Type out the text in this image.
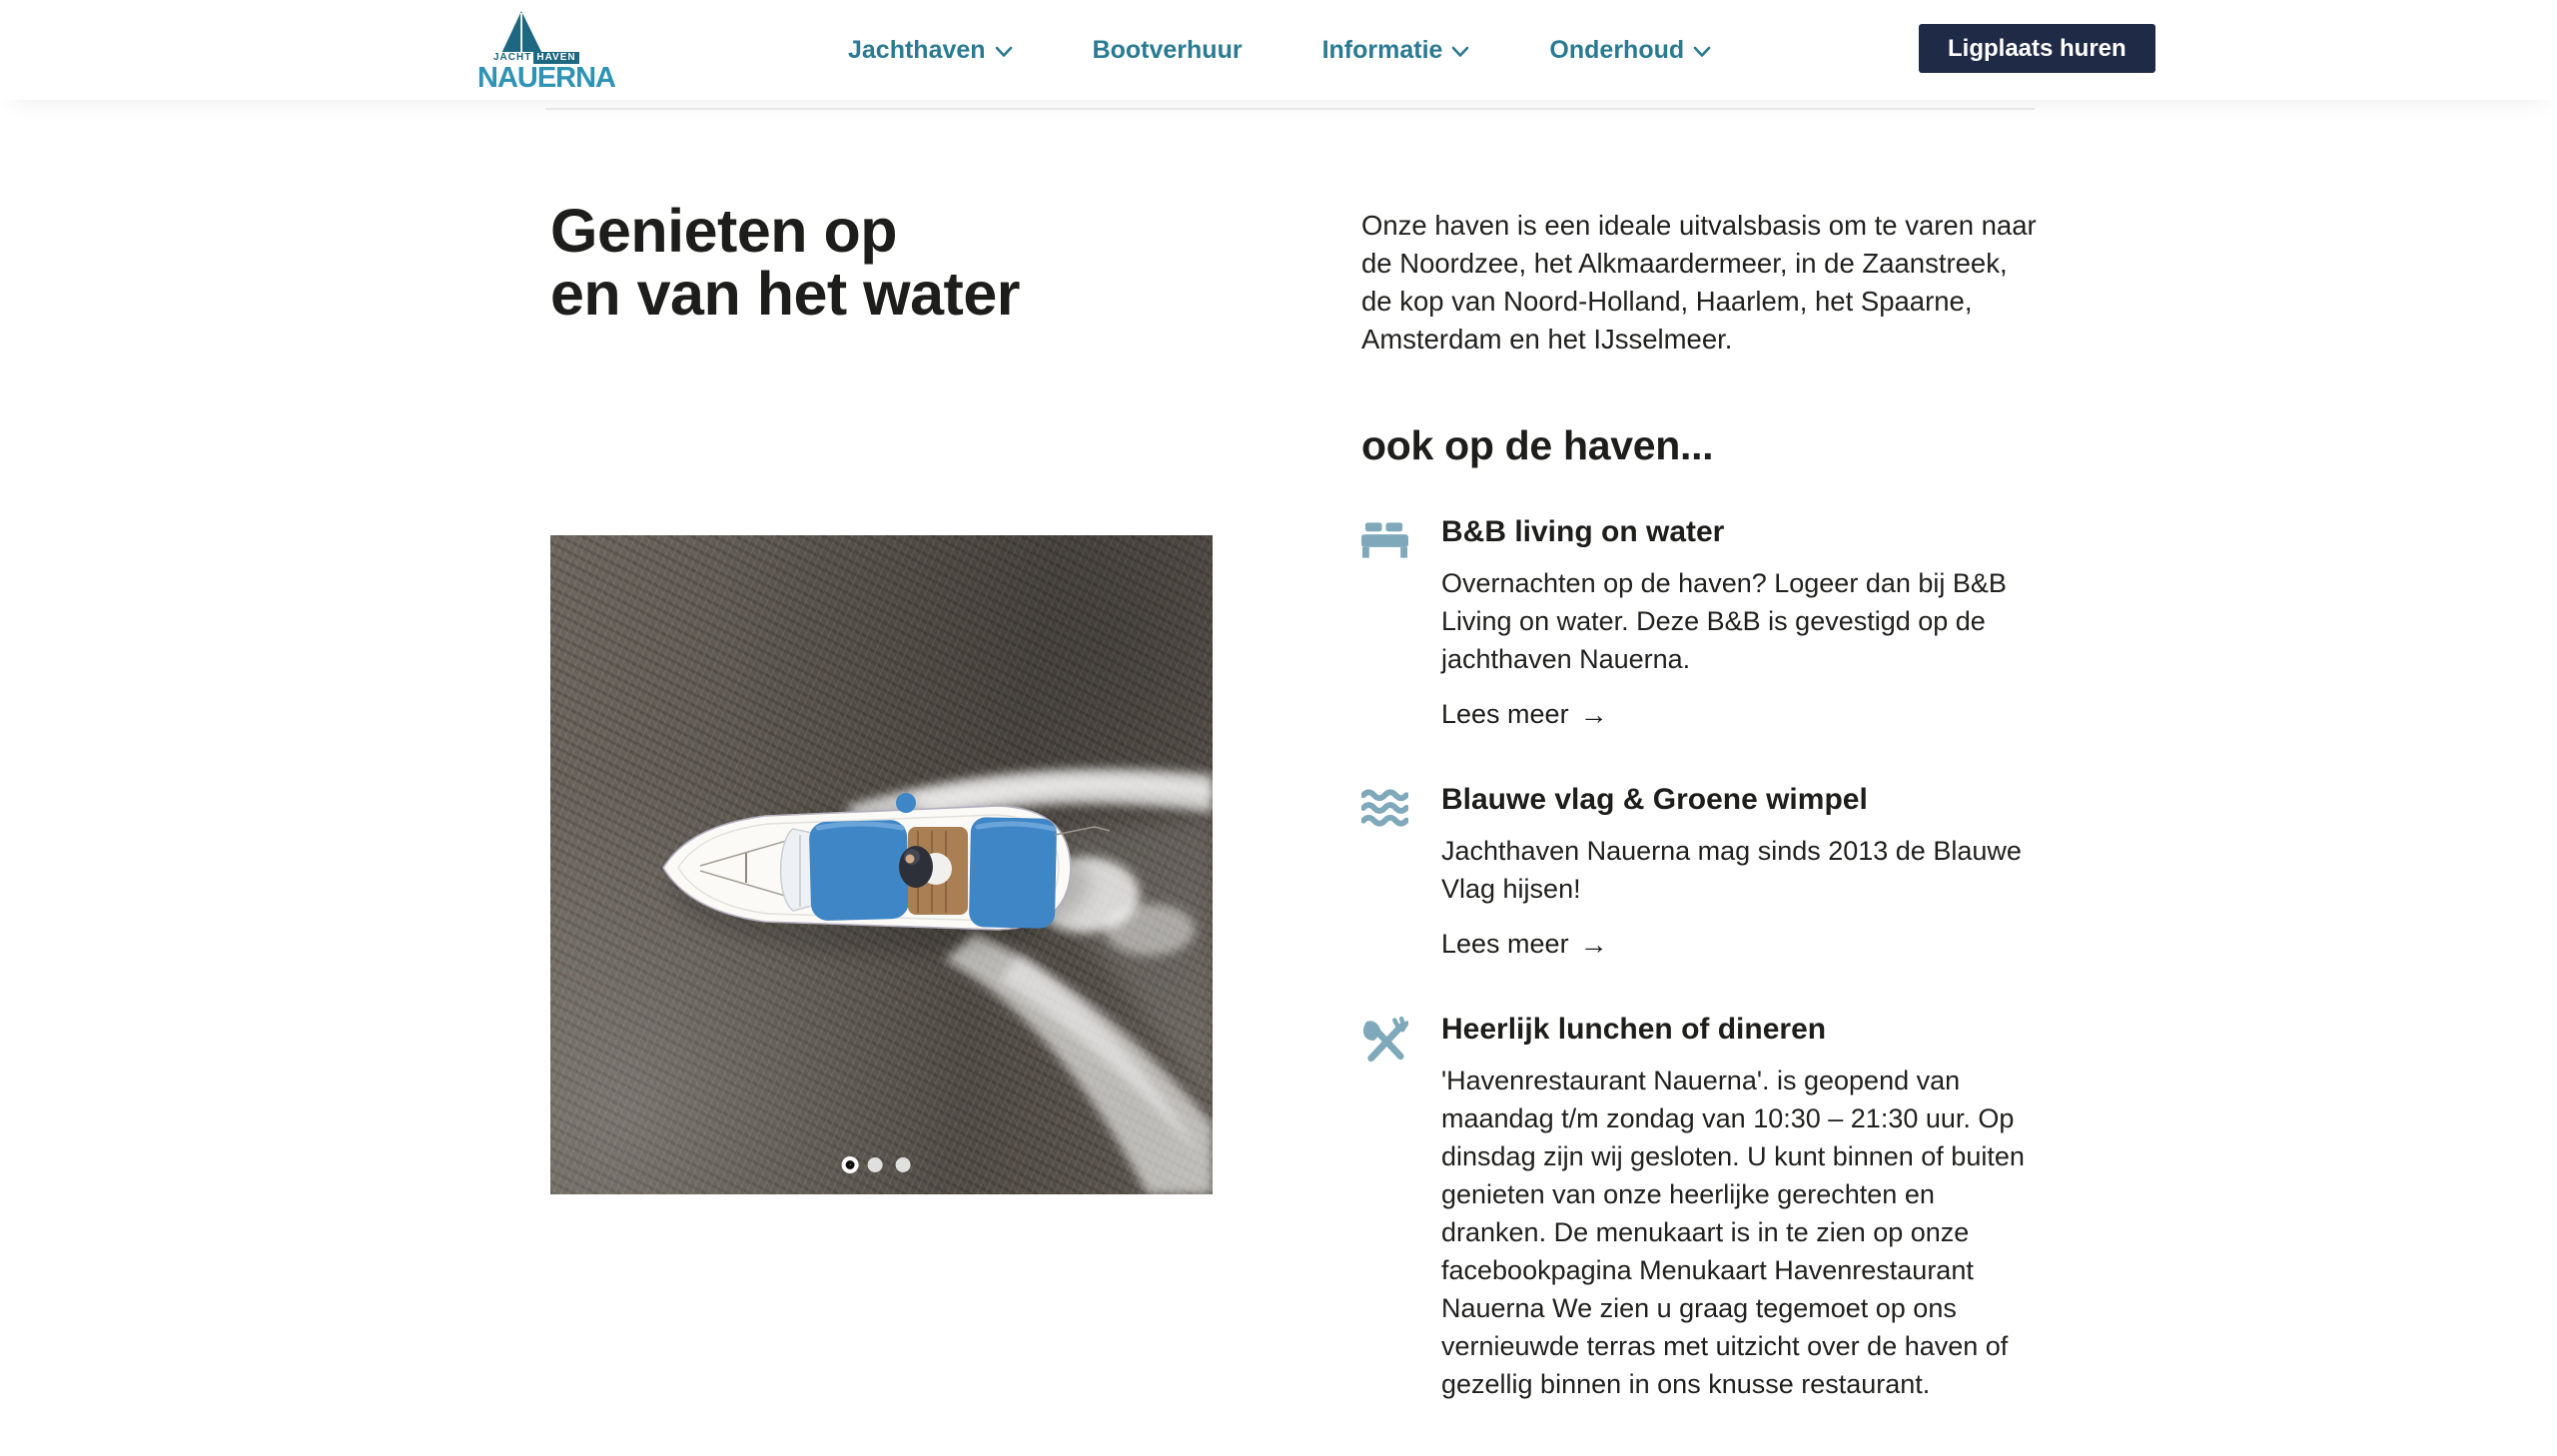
JACHT HAVEN
NAUERNA
Jachthaven	Bootverhuur	Informatie	Onderhoud	Ligplaats huren
Genieten op
en van het water

Onze haven is een ideale uitvalsbasis om te varen naar de Noordzee, het Alkmaardermeer, in de Zaanstreek, de kop van Noord-Holland, Haarlem, het Spaarne, Amsterdam en het IJsselmeer.

ook op de haven...
B&B living on water

Overnachten op de haven? Logeer dan bij B&B Living on water. Deze B&B is gevestigd op de jachthaven Nauerna.

Lees meer →
Blauwe vlag & Groene wimpel

Jachthaven Nauerna mag sinds 2013 de Blauwe Vlag hijsen!

Lees meer →
Heerlijk lunchen of dineren

'Havenrestaurant Nauerna'. is geopend van maandag t/m zondag van 10:30 – 21:30 uur. Op dinsdag zijn wij gesloten. U kunt binnen of buiten genieten van onze heerlijke gerechten en dranken. De menukaart is in te zien op onze facebookpagina Menukaart Havenrestaurant Nauerna We zien u graag tegemoet op ons vernieuwde terras met uitzicht over de haven of gezellig binnen in ons knusse restaurant.
